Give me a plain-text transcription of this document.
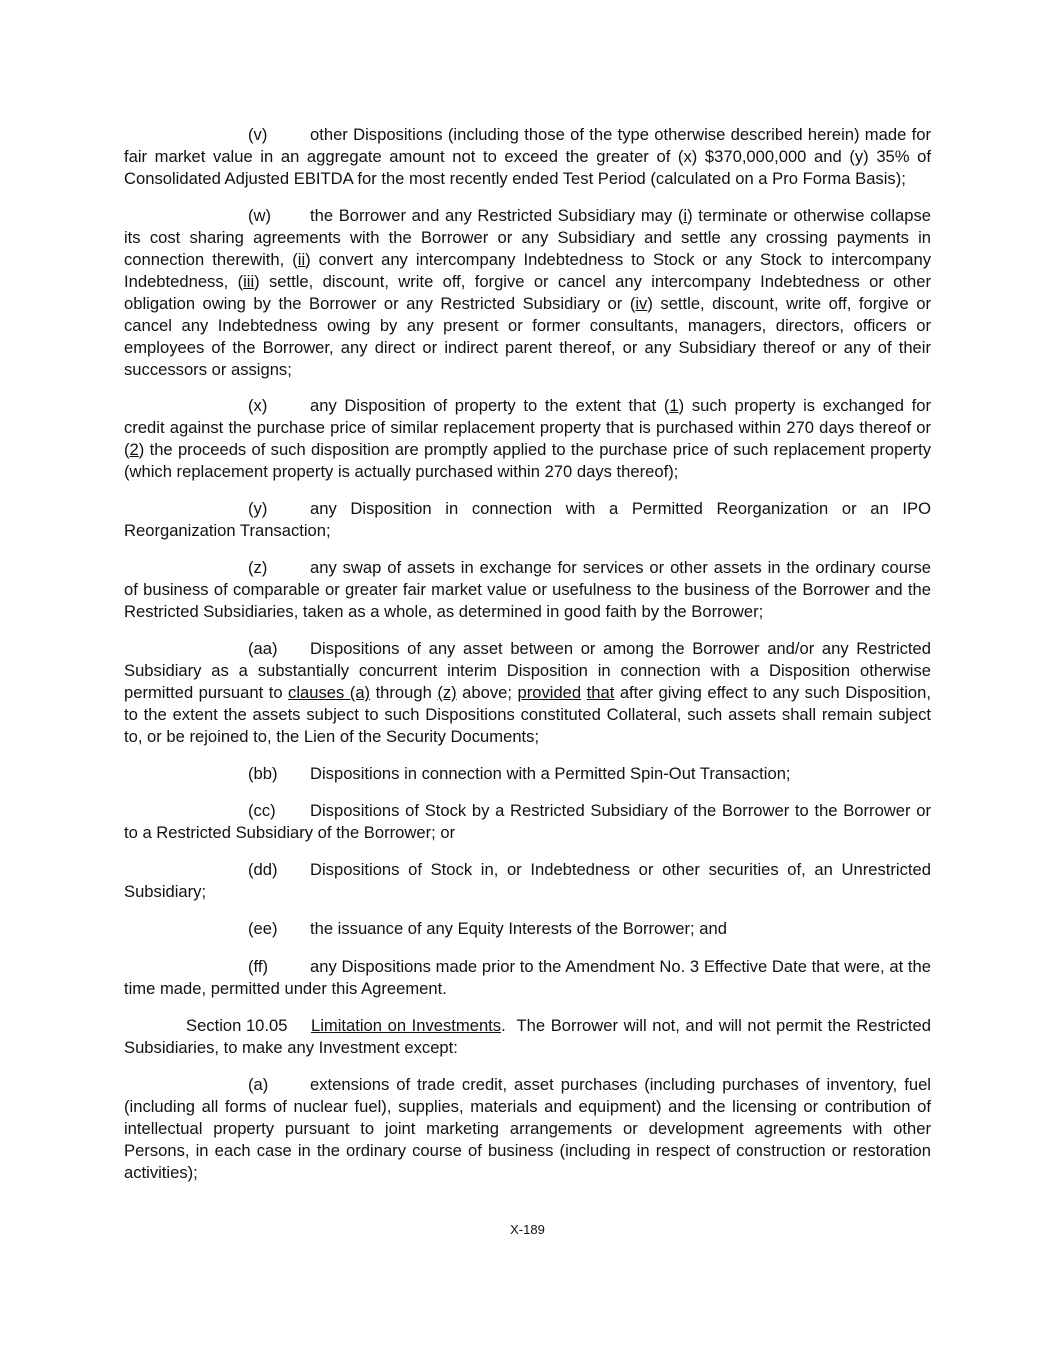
(v)	other Dispositions (including those of the type otherwise described herein) made for fair market value in an aggregate amount not to exceed the greater of (x) $370,000,000 and (y) 35% of Consolidated Adjusted EBITDA for the most recently ended Test Period (calculated on a Pro Forma Basis);

(w) the Borrower and any Restricted Subsidiary may (i) terminate or otherwise collapse its cost sharing agreements with the Borrower or any Subsidiary and settle any crossing payments in connection therewith, (ii) convert any intercompany Indebtedness to Stock or any Stock to intercompany Indebtedness, (iii) settle, discount, write off, forgive or cancel any intercompany Indebtedness or other obligation owing by the Borrower or any Restricted Subsidiary or (iv) settle, discount, write off, forgive or cancel any Indebtedness owing by any present or former consultants, managers, directors, officers or employees of the Borrower, any direct or indirect parent thereof, or any Subsidiary thereof or any of their successors or assigns;

(x)	any Disposition of property to the extent that (1) such property is exchanged for credit against the purchase price of similar replacement property that is purchased within 270 days thereof or (2) the proceeds of such disposition are promptly applied to the purchase price of such replacement property (which replacement property is actually purchased within 270 days thereof);

(y)	any Disposition in connection with a Permitted Reorganization or an IPO Reorganization Transaction;

(z)	any swap of assets in exchange for services or other assets in the ordinary course of business of comparable or greater fair market value or usefulness to the business of the Borrower and the Restricted Subsidiaries, taken as a whole, as determined in good faith by the Borrower;

(aa) Dispositions of any asset between or among the Borrower and/or any Restricted Subsidiary as a substantially concurrent interim Disposition in connection with a Disposition otherwise permitted pursuant to clauses (a) through (z) above; provided that after giving effect to any such Disposition, to the extent the assets subject to such Dispositions constituted Collateral, such assets shall remain subject to, or be rejoined to, the Lien of the Security Documents;

(bb) Dispositions in connection with a Permitted Spin-Out Transaction;

(cc) Dispositions of Stock by a Restricted Subsidiary of the Borrower to the Borrower or to a Restricted Subsidiary of the Borrower; or

(dd) Dispositions of Stock in, or Indebtedness or other securities of, an Unrestricted Subsidiary;

(ee) the issuance of any Equity Interests of the Borrower; and

(ff)	any Dispositions made prior to the Amendment No. 3 Effective Date that were, at the time made, permitted under this Agreement.

Section 10.05 Limitation on Investments.  The Borrower will not, and will not permit the Restricted Subsidiaries, to make any Investment except:

(a)	extensions of trade credit, asset purchases (including purchases of inventory, fuel (including all forms of nuclear fuel), supplies, materials and equipment) and the licensing or contribution of intellectual property pursuant to joint marketing arrangements or development agreements with other Persons, in each case in the ordinary course of business (including in respect of construction or restoration activities);

X-189
